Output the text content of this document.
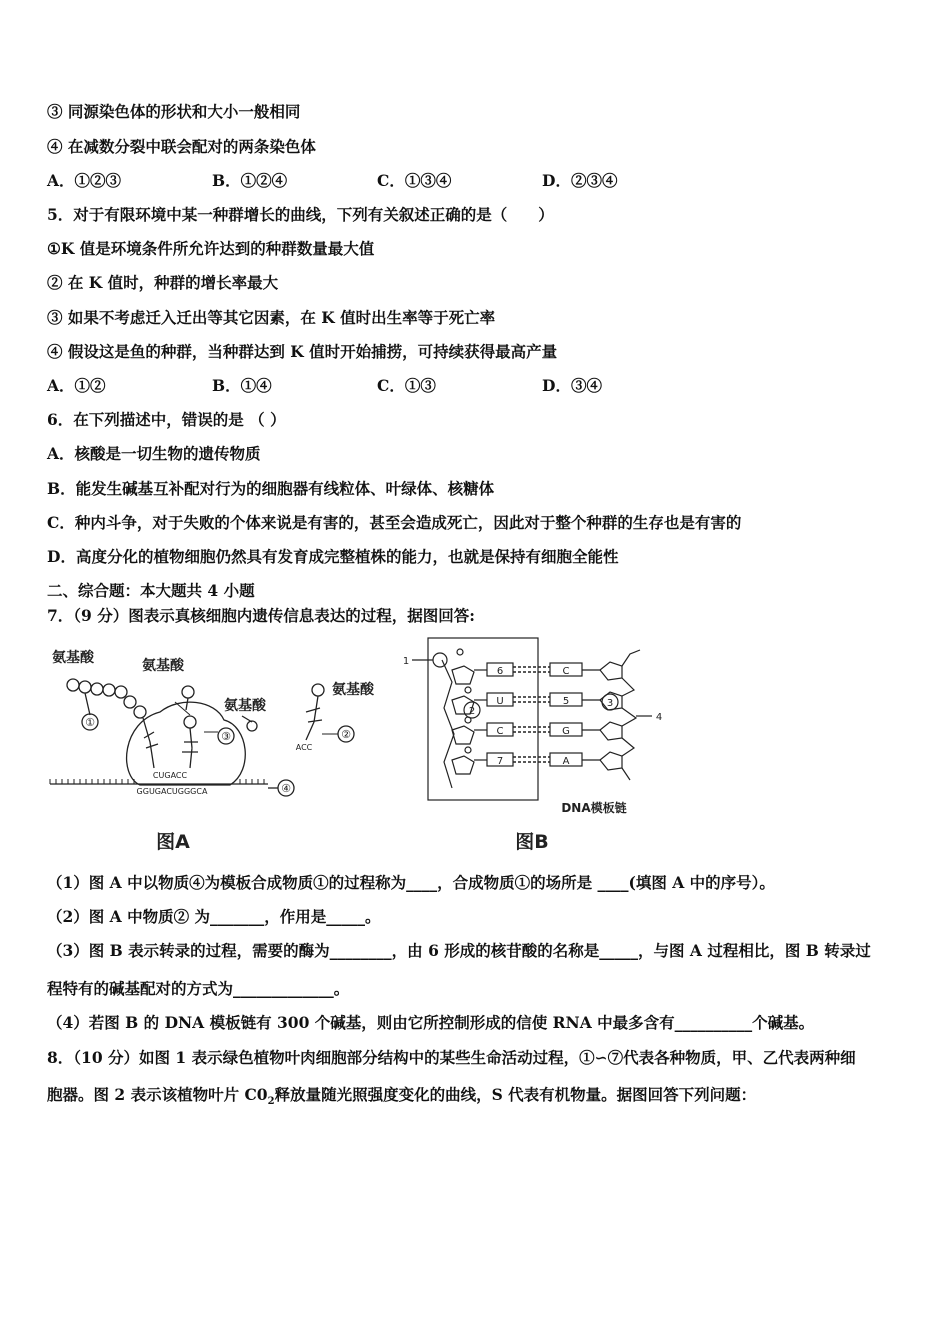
③ 同源染色体的形状和大小一般相同
④ 在减数分裂中联会配对的两条染色体
A．①②③	B．①②④	C．①③④	D．②③④
5．对于有限环境中某一种群增长的曲线，下列有关叙述正确的是（　　）
①K 值是环境条件所允许达到的种群数量最大值
② 在 K 值时，种群的增长率最大
③ 如果不考虑迁入迁出等其它因素，在 K 值时出生率等于死亡率
④ 假设这是鱼的种群，当种群达到 K 值时开始捕捞，可持续获得最高产量
A．①②	B．①④	C．①③	D．③④
6．在下列描述中，错误的是 （ ）
A．核酸是一切生物的遗传物质
B．能发生碱基互补配对行为的细胞器有线粒体、叶绿体、核糖体
C．种内斗争，对于失败的个体来说是有害的，甚至会造成死亡，因此对于整个种群的生存也是有害的
D．高度分化的植物细胞仍然具有发育成完整植株的能力，也就是保持有细胞全能性
二、综合题：本大题共 4 小题
7．（9 分）图表示真核细胞内遗传信息表达的过程，据图回答:
氨基酸	氨基酸
氨基酸
氨基酸
①
③
④
②
CUGACC
GGUGACUGGGCA
ACC
图A
6
U
C
7
C
5
G
A
1
2
3
4
DNA模板链
图B
（1）图 A 中以物质④为模板合成物质①的过程称为____，合成物质①的场所是 ____(填图 A 中的序号）。
（2）图 A 中物质② 为_______，作用是_____。
（3）图 B 表示转录的过程，需要的酶为________，由 6 形成的核苷酸的名称是_____，与图 A 过程相比，图 B 转录过
程特有的碱基配对的方式为_____________。
（4）若图 B 的 DNA 模板链有 300 个碱基，则由它所控制形成的信使 RNA 中最多含有__________个碱基。
8．（10 分）如图 1 表示绿色植物叶肉细胞部分结构中的某些生命活动过程，①∽⑦代表各种物质，甲、乙代表两种细
胞器。图 2 表示该植物叶片 $C0_2$释放量随光照强度变化的曲线，S 代表有机物量。据图回答下列问题：
